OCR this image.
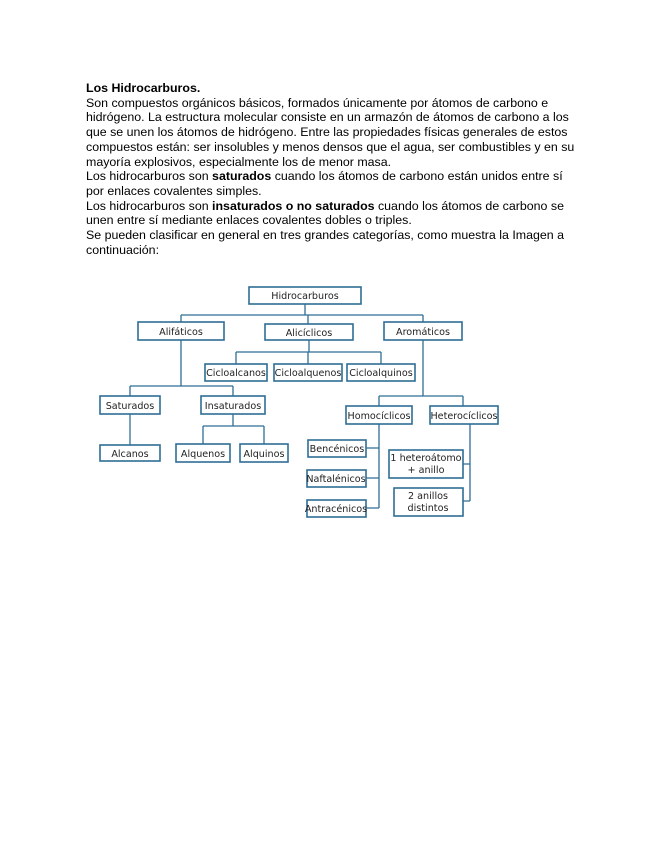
Los Hidrocarburos.

Son compuestos orgánicos básicos, formados únicamente por átomos de carbono e hidrógeno. La estructura molecular consiste en un armazón de átomos de carbono a los que se unen los átomos de hidrógeno. Entre las propiedades físicas generales de estos compuestos están: ser insolubles y menos densos que el agua, ser combustibles y en su mayoría explosivos, especialmente los de menor masa.

Los hidrocarburos son saturados cuando los átomos de carbono están unidos entre sí por enlaces covalentes simples.

Los hidrocarburos son insaturados o no saturados cuando los átomos de carbono se unen entre sí mediante enlaces covalentes dobles o triples.

Se pueden clasificar en general en tres grandes categorías, como muestra la Imagen a continuación:

Hidrocarburos
Alifáticos	Alicíclicos	Aromáticos
Cicloalcanos Cicloalquenos Cicloalquinos
Saturados	Insaturados
Alcanos	Alquenos Alquinos
Homocíclicos Heterocíclicos
Bencénicos
Naftalénicos
Antracénicos
1 heteroátomo
+ anillo
2 anillos
distintos
